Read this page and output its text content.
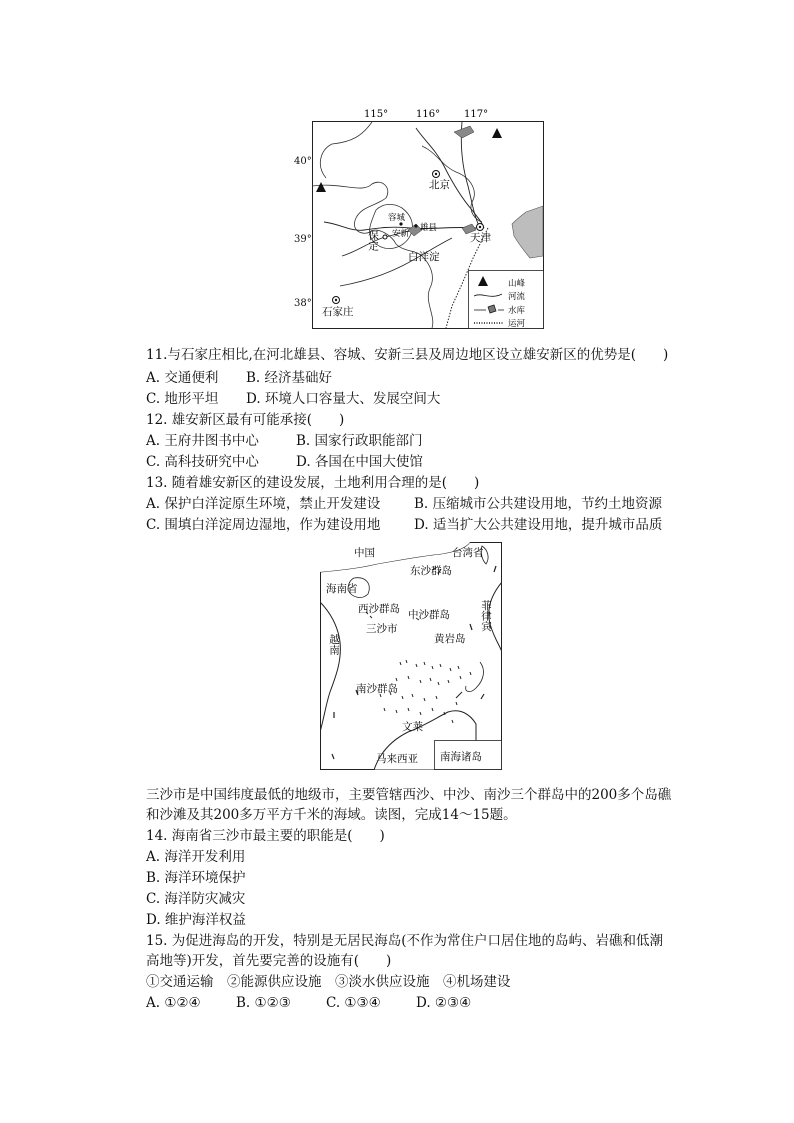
115°	116° 117°
北京
天津
石家庄
保定
容城
安新
雄县
白洋淀
山峰
河流
水库
运河
40°
39°
38°
11.与石家庄相比,在河北雄县、容城、安新三县及周边地区设立雄安新区的优势是(　　)
A. 交通便利 B. 经济基础好
C. 地形平坦 D. 环境人口容量大、发展空间大
12. 雄安新区最有可能承接(　　)
A. 王府井图书中心	B. 国家行政职能部门
C. 高科技研究中心	D. 各国在中国大使馆
13. 随着雄安新区的建设发展，土地利用合理的是(　　)
A. 保护白洋淀原生环境，禁止开发建设 B. 压缩城市公共建设用地，节约土地资源
C. 围填白洋淀周边湿地，作为建设用地 D. 适当扩大公共建设用地，提升城市品质
中国	台湾省
海南省
东沙群岛
西沙群岛 中沙群岛
三沙市
黄岩岛
菲律宾
越南
南沙群岛
文莱
马来西亚 南海诸岛

三沙市是中国纬度最低的地级市，主要管辖西沙、中沙、南沙三个群岛中的200多个岛礁和沙滩及其200多万平方千米的海域。读图，完成14～15题。

14. 海南省三沙市最主要的职能是(　　)
A. 海洋开发利用
B. 海洋环境保护
C. 海洋防灾减灾
D. 维护海洋权益

15. 为促进海岛的开发，特别是无居民海岛(不作为常住户口居住地的岛屿、岩礁和低潮高地等)开发，首先要完善的设施有(　　)

①交通运输　②能源供应设施　③淡水供应设施　④机场建设
A. ①②④	B. ①②③	C. ①③④	D. ②③④
